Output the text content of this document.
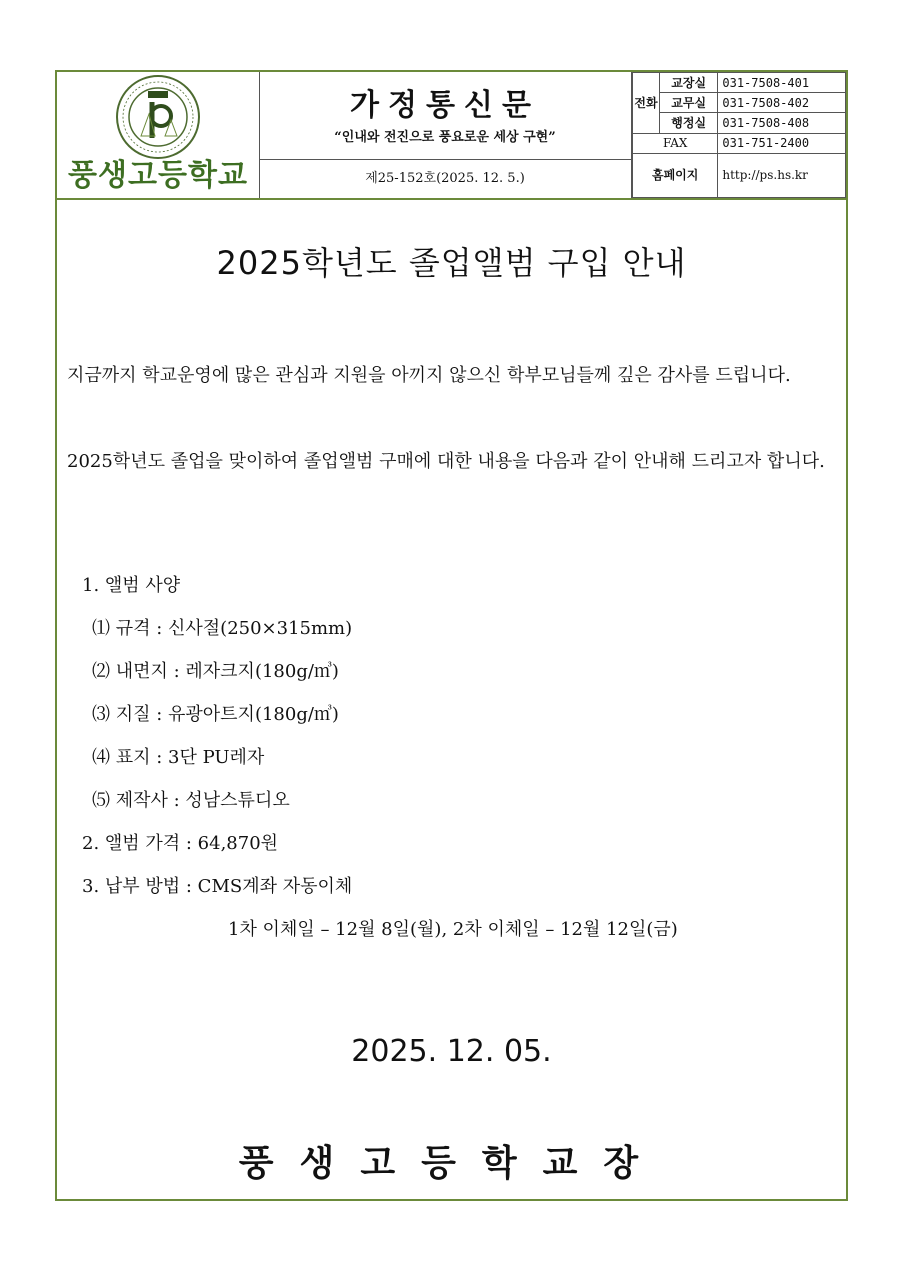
풍생고등학교
가정통신문
“인내와 전진으로 풍요로운 세상 구현”
제25-152호(2025. 12. 5.)
전화	교장실	031-7508-401
	교무실	031-7508-402
	행정실	031-7508-408
FAX		031-751-2400
홈페이지		http://ps.hs.kr
2025학년도 졸업앨범 구입 안내
지금까지 학교운영에 많은 관심과 지원을 아끼지 않으신 학부모님들께 깊은 감사를 드립니다.
2025학년도 졸업을 맞이하여 졸업앨범 구매에 대한 내용을 다음과 같이 안내해 드리고자 합니다.
1. 앨범 사양
⑴ 규격 : 신사절(250×315mm)
⑵ 내면지 : 레자크지(180g/㎥)
⑶ 지질 : 유광아트지(180g/㎥)
⑷ 표지 : 3단 PU레자
⑸ 제작사 : 성남스튜디오
2. 앨범 가격 : 64,870원
3. 납부 방법 : CMS계좌 자동이체
1차 이체일 – 12월 8일(월), 2차 이체일 – 12월 12일(금)
2025. 12. 05.
풍생고등학교장
